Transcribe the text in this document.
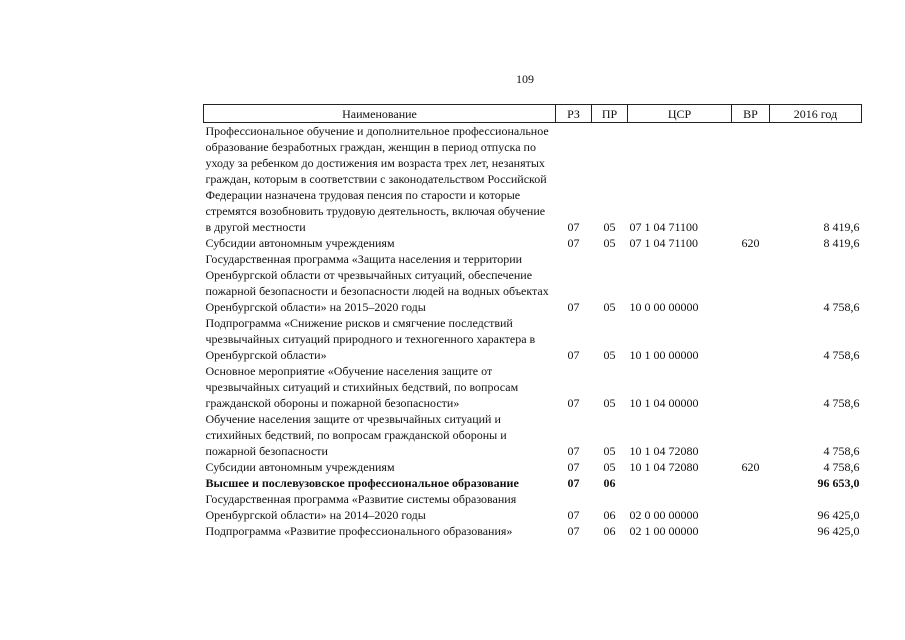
109
Наименование	РЗ	ПР	ЦСР	ВР	2016 год
Профессиональное обучение и дополнительное профессиональное образование безработных граждан, женщин в период отпуска по уходу за ребенком до достижения им возраста трех лет, незанятых граждан, которым в соответствии с законодательством Российской Федерации назначена трудовая пенсия по старости и которые стремятся возобновить трудовую деятельность, включая обучение в другой местности	07	05	07 1 04 71100		8 419,6
Субсидии автономным учреждениям	07	05	07 1 04 71100	620	8 419,6
Государственная программа «Защита населения и территории Оренбургской области от чрезвычайных ситуаций, обеспечение пожарной безопасности и безопасности людей на водных объектах Оренбургской области» на 2015–2020 годы	07	05	10 0 00 00000		4 758,6
Подпрограмма «Снижение рисков и смягчение последствий чрезвычайных ситуаций природного и техногенного характера в Оренбургской области»	07	05	10 1 00 00000		4 758,6
Основное мероприятие «Обучение населения защите от чрезвычайных ситуаций и стихийных бедствий, по вопросам гражданской обороны и пожарной безопасности»	07	05	10 1 04 00000		4 758,6
Обучение населения защите от чрезвычайных ситуаций и стихийных бедствий, по вопросам гражданской обороны и пожарной безопасности	07	05	10 1 04 72080		4 758,6
Субсидии автономным учреждениям	07	05	10 1 04 72080	620	4 758,6
Высшее и послевузовское профессиональное образование	07	06			96 653,0
Государственная программа «Развитие системы образования Оренбургской области» на 2014–2020 годы	07	06	02 0 00 00000		96 425,0
Подпрограмма «Развитие профессионального образования»	07	06	02 1 00 00000		96 425,0
